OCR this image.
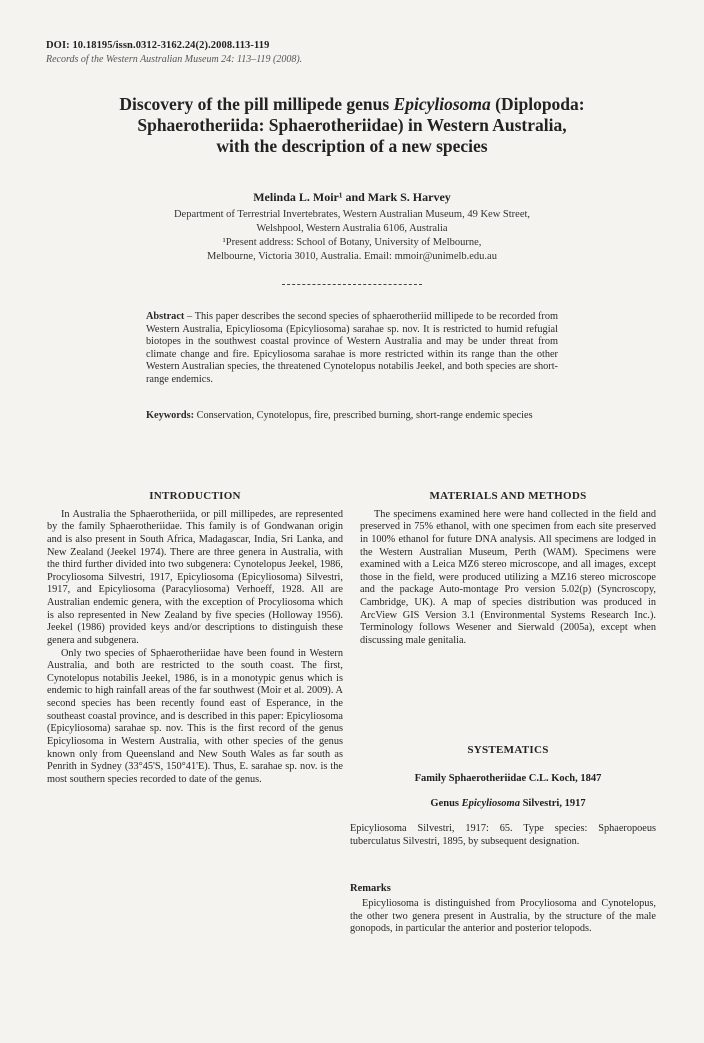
DOI: 10.18195/issn.0312-3162.24(2).2008.113-119
Records of the Western Australian Museum 24: 113–119 (2008).
Discovery of the pill millipede genus Epicyliosoma (Diplopoda:
Sphaerotheriida: Sphaerotheriidae) in Western Australia,
with the description of a new species
Melinda L. Moir¹ and Mark S. Harvey
Department of Terrestrial Invertebrates, Western Australian Museum, 49 Kew Street,
Welshpool, Western Australia 6106, Australia
¹Present address: School of Botany, University of Melbourne,
Melbourne, Victoria 3010, Australia. Email: mmoir@unimelb.edu.au
Abstract – This paper describes the second species of sphaerotheriid millipede to be recorded from Western Australia, Epicyliosoma (Epicyliosoma) sarahae sp. nov. It is restricted to humid refugial biotopes in the southwest coastal province of Western Australia and may be under threat from climate change and fire. Epicyliosoma sarahae is more restricted within its range than the other Western Australian species, the threatened Cynotelopus notabilis Jeekel, and both species are short-range endemics.
Keywords: Conservation, Cynotelopus, fire, prescribed burning, short-range endemic species
INTRODUCTION

In Australia the Sphaerotheriida, or pill millipedes, are represented by the family Sphaerotheriidae. This family is of Gondwanan origin and is also present in South Africa, Madagascar, India, Sri Lanka, and New Zealand (Jeekel 1974). There are three genera in Australia, with the third further divided into two subgenera: Cynotelopus Jeekel, 1986, Procyliosoma Silvestri, 1917, Epicyliosoma (Epicyliosoma) Silvestri, 1917, and Epicyliosoma (Paracyliosoma) Verhoeff, 1928. All are Australian endemic genera, with the exception of Procyliosoma which is also represented in New Zealand by five species (Holloway 1956). Jeekel (1986) provided keys and/or descriptions to distinguish these genera and subgenera.

Only two species of Sphaerotheriidae have been found in Western Australia, and both are restricted to the south coast. The first, Cynotelopus notabilis Jeekel, 1986, is in a monotypic genus which is endemic to high rainfall areas of the far southwest (Moir et al. 2009). A second species has been recently found east of Esperance, in the southeast coastal province, and is described in this paper: Epicyliosoma (Epicyliosoma) sarahae sp. nov. This is the first record of the genus Epicyliosoma in Western Australia, with other species of the genus known only from Queensland and New South Wales as far south as Penrith in Sydney (33°45'S, 150°41'E). Thus, E. sarahae sp. nov. is the most southern species recorded to date of the genus.

MATERIALS AND METHODS

The specimens examined here were hand collected in the field and preserved in 75% ethanol, with one specimen from each site preserved in 100% ethanol for future DNA analysis. All specimens are lodged in the Western Australian Museum, Perth (WAM). Specimens were examined with a Leica MZ6 stereo microscope, and all images, except those in the field, were produced utilizing a MZ16 stereo microscope and the package Auto-montage Pro version 5.02(p) (Syncroscopy, Cambridge, UK). A map of species distribution was produced in ArcView GIS Version 3.1 (Environmental Systems Research Inc.). Terminology follows Wesener and Sierwald (2005a), except when discussing male genitalia.

SYSTEMATICS
Family Sphaerotheriidae C.L. Koch, 1847
Genus Epicyliosoma Silvestri, 1917
Epicyliosoma Silvestri, 1917: 65. Type species: Sphaeropoeus tuberculatus Silvestri, 1895, by subsequent designation.
Remarks

Epicyliosoma is distinguished from Procyliosoma and Cynotelopus, the other two genera present in Australia, by the structure of the male gonopods, in particular the anterior and posterior telopods.
